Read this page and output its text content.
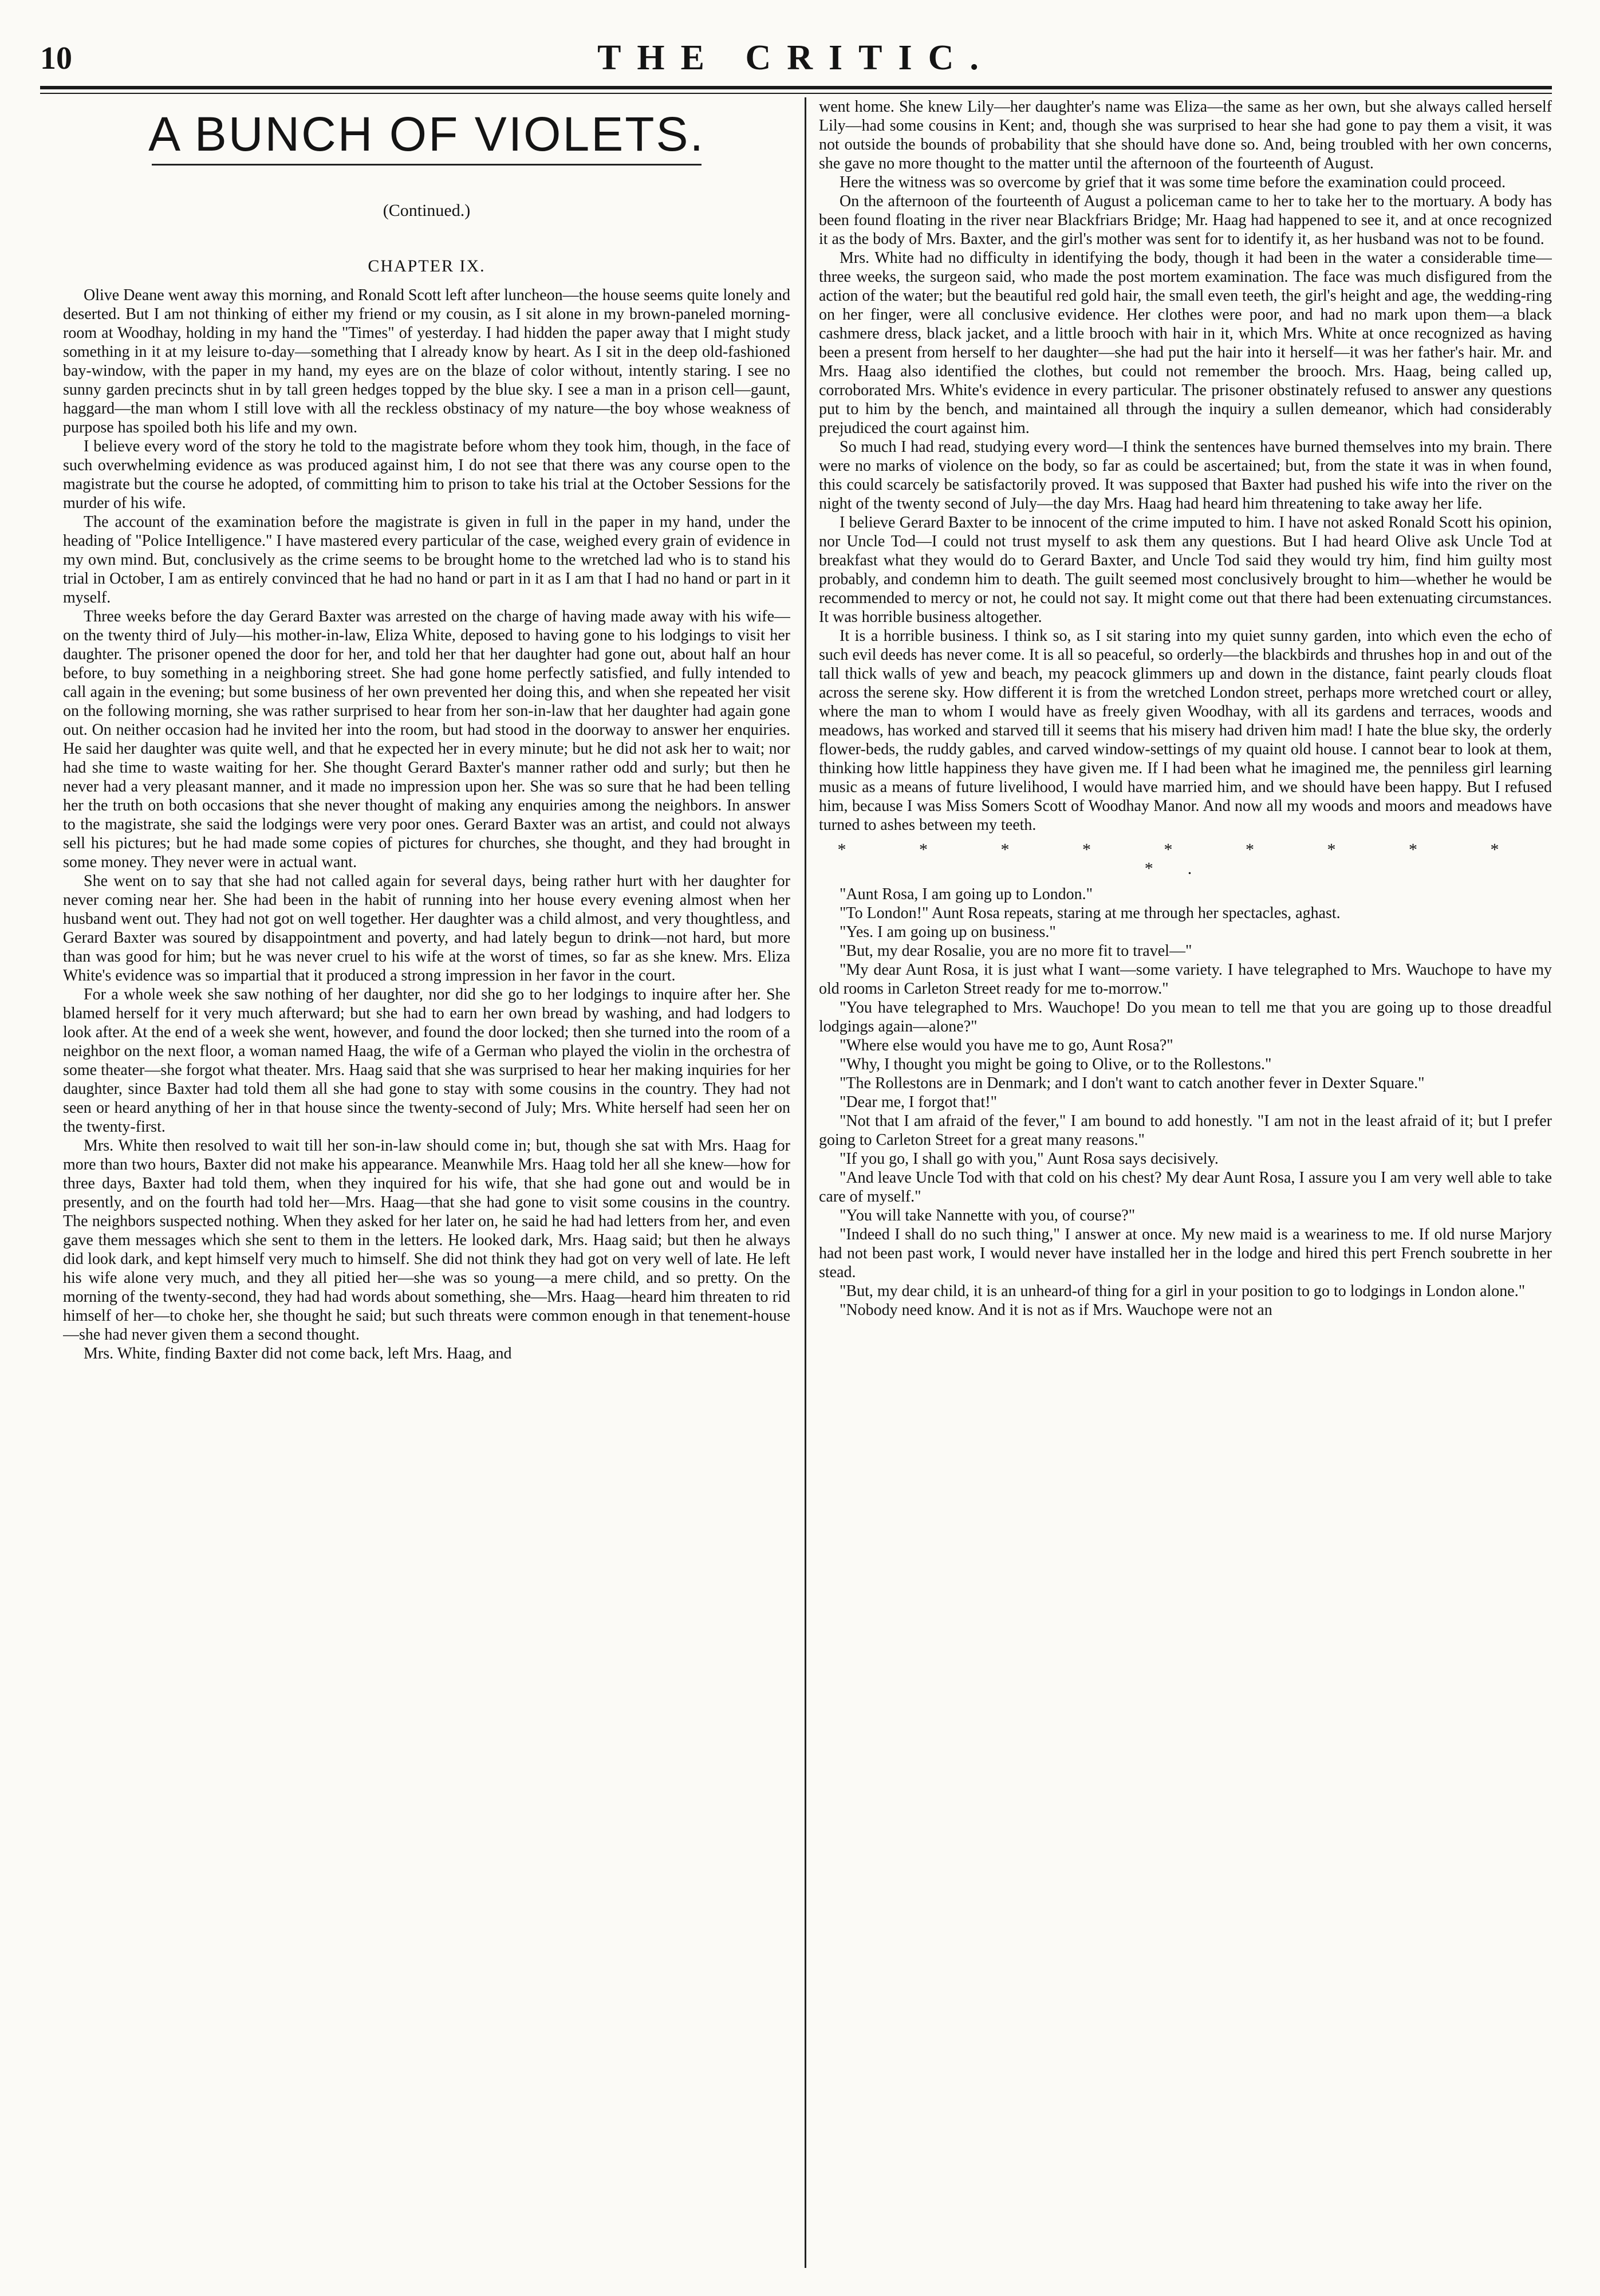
10	THE CRITIC.
A BUNCH OF VIOLETS.
(Continued.)
CHAPTER IX.

Olive Deane went away this morning, and Ronald Scott left after luncheon—the house seems quite lonely and deserted. But I am not thinking of either my friend or my cousin, as I sit alone in my brown-paneled morning-room at Woodhay, holding in my hand the "Times" of yesterday. I had hidden the paper away that I might study something in it at my leisure to-day—something that I already know by heart. As I sit in the deep old-fashioned bay-window, with the paper in my hand, my eyes are on the blaze of color without, intently staring. I see no sunny garden precincts shut in by tall green hedges topped by the blue sky. I see a man in a prison cell—gaunt, haggard—the man whom I still love with all the reckless obstinacy of my nature—the boy whose weakness of purpose has spoiled both his life and my own.

I believe every word of the story he told to the magistrate before whom they took him, though, in the face of such overwhelming evidence as was produced against him, I do not see that there was any course open to the magistrate but the course he adopted, of committing him to prison to take his trial at the October Sessions for the murder of his wife.

The account of the examination before the magistrate is given in full in the paper in my hand, under the heading of "Police Intelligence." I have mastered every particular of the case, weighed every grain of evidence in my own mind. But, conclusively as the crime seems to be brought home to the wretched lad who is to stand his trial in October, I am as entirely convinced that he had no hand or part in it as I am that I had no hand or part in it myself.

Three weeks before the day Gerard Baxter was arrested on the charge of having made away with his wife—on the twenty third of July—his mother-in-law, Eliza White, deposed to having gone to his lodgings to visit her daughter. The prisoner opened the door for her, and told her that her daughter had gone out, about half an hour before, to buy something in a neighboring street. She had gone home perfectly satisfied, and fully intended to call again in the evening; but some business of her own prevented her doing this, and when she repeated her visit on the following morning, she was rather surprised to hear from her son-in-law that her daughter had again gone out. On neither occasion had he invited her into the room, but had stood in the doorway to answer her enquiries. He said her daughter was quite well, and that he expected her in every minute; but he did not ask her to wait; nor had she time to waste waiting for her. She thought Gerard Baxter's manner rather odd and surly; but then he never had a very pleasant manner, and it made no impression upon her. She was so sure that he had been telling her the truth on both occasions that she never thought of making any enquiries among the neighbors. In answer to the magistrate, she said the lodgings were very poor ones. Gerard Baxter was an artist, and could not always sell his pictures; but he had made some copies of pictures for churches, she thought, and they had brought in some money. They never were in actual want.

She went on to say that she had not called again for several days, being rather hurt with her daughter for never coming near her. She had been in the habit of running into her house every evening almost when her husband went out. They had not got on well together. Her daughter was a child almost, and very thoughtless, and Gerard Baxter was soured by disappointment and poverty, and had lately begun to drink—not hard, but more than was good for him; but he was never cruel to his wife at the worst of times, so far as she knew. Mrs. Eliza White's evidence was so impartial that it produced a strong impression in her favor in the court.

For a whole week she saw nothing of her daughter, nor did she go to her lodgings to inquire after her. She blamed herself for it very much afterward; but she had to earn her own bread by washing, and had lodgers to look after. At the end of a week she went, however, and found the door locked; then she turned into the room of a neighbor on the next floor, a woman named Haag, the wife of a German who played the violin in the orchestra of some theater—she forgot what theater. Mrs. Haag said that she was surprised to hear her making inquiries for her daughter, since Baxter had told them all she had gone to stay with some cousins in the country. They had not seen or heard anything of her in that house since the twenty-second of July; Mrs. White herself had seen her on the twenty-first.

Mrs. White then resolved to wait till her son-in-law should come in; but, though she sat with Mrs. Haag for more than two hours, Baxter did not make his appearance. Meanwhile Mrs. Haag told her all she knew—how for three days, Baxter had told them, when they inquired for his wife, that she had gone out and would be in presently, and on the fourth had told her—Mrs. Haag—that she had gone to visit some cousins in the country. The neighbors suspected nothing. When they asked for her later on, he said he had had letters from her, and even gave them messages which she sent to them in the letters. He looked dark, Mrs. Haag said; but then he always did look dark, and kept himself very much to himself. She did not think they had got on very well of late. He left his wife alone very much, and they all pitied her—she was so young—a mere child, and so pretty. On the morning of the twenty-second, they had had words about something, she—Mrs. Haag—heard him threaten to rid himself of her—to choke her, she thought he said; but such threats were common enough in that tenement-house—she had never given them a second thought.

Mrs. White, finding Baxter did not come back, left Mrs. Haag, and

went home. She knew Lily—her daughter's name was Eliza—the same as her own, but she always called herself Lily—had some cousins in Kent; and, though she was surprised to hear she had gone to pay them a visit, it was not outside the bounds of probability that she should have done so. And, being troubled with her own concerns, she gave no more thought to the matter until the afternoon of the fourteenth of August.

Here the witness was so overcome by grief that it was some time before the examination could proceed.

On the afternoon of the fourteenth of August a policeman came to her to take her to the mortuary. A body has been found floating in the river near Blackfriars Bridge; Mr. Haag had happened to see it, and at once recognized it as the body of Mrs. Baxter, and the girl's mother was sent for to identify it, as her husband was not to be found.

Mrs. White had no difficulty in identifying the body, though it had been in the water a considerable time—three weeks, the surgeon said, who made the post mortem examination. The face was much disfigured from the action of the water; but the beautiful red gold hair, the small even teeth, the girl's height and age, the wedding-ring on her finger, were all conclusive evidence. Her clothes were poor, and had no mark upon them—a black cashmere dress, black jacket, and a little brooch with hair in it, which Mrs. White at once recognized as having been a present from herself to her daughter—she had put the hair into it herself—it was her father's hair. Mr. and Mrs. Haag also identified the clothes, but could not remember the brooch. Mrs. Haag, being called up, corroborated Mrs. White's evidence in every particular. The prisoner obstinately refused to answer any questions put to him by the bench, and maintained all through the inquiry a sullen demeanor, which had considerably prejudiced the court against him.

So much I had read, studying every word—I think the sentences have burned themselves into my brain. There were no marks of violence on the body, so far as could be ascertained; but, from the state it was in when found, this could scarcely be satisfactorily proved. It was supposed that Baxter had pushed his wife into the river on the night of the twenty second of July—the day Mrs. Haag had heard him threatening to take away her life.

I believe Gerard Baxter to be innocent of the crime imputed to him. I have not asked Ronald Scott his opinion, nor Uncle Tod—I could not trust myself to ask them any questions. But I had heard Olive ask Uncle Tod at breakfast what they would do to Gerard Baxter, and Uncle Tod said they would try him, find him guilty most probably, and condemn him to death. The guilt seemed most conclusively brought to him—whether he would be recommended to mercy or not, he could not say. It might come out that there had been extenuating circumstances. It was horrible business altogether.

It is a horrible business. I think so, as I sit staring into my quiet sunny garden, into which even the echo of such evil deeds has never come. It is all so peaceful, so orderly—the blackbirds and thrushes hop in and out of the tall thick walls of yew and beach, my peacock glimmers up and down in the distance, faint pearly clouds float across the serene sky. How different it is from the wretched London street, perhaps more wretched court or alley, where the man to whom I would have as freely given Woodhay, with all its gardens and terraces, woods and meadows, has worked and starved till it seems that his misery had driven him mad! I hate the blue sky, the orderly flower-beds, the ruddy gables, and carved window-settings of my quaint old house. I cannot bear to look at them, thinking how little happiness they have given me. If I had been what he imagined me, the penniless girl learning music as a means of future livelihood, I would have married him, and we should have been happy. But I refused him, because I was Miss Somers Scott of Woodhay Manor. And now all my woods and moors and meadows have turned to ashes between my teeth.

* * * * * * * * * *.

"Aunt Rosa, I am going up to London."

"To London!" Aunt Rosa repeats, staring at me through her spectacles, aghast.

"Yes. I am going up on business."

"But, my dear Rosalie, you are no more fit to travel—"

"My dear Aunt Rosa, it is just what I want—some variety. I have telegraphed to Mrs. Wauchope to have my old rooms in Carleton Street ready for me to-morrow."

"You have telegraphed to Mrs. Wauchope! Do you mean to tell me that you are going up to those dreadful lodgings again—alone?"

"Where else would you have me to go, Aunt Rosa?"

"Why, I thought you might be going to Olive, or to the Rollestons."

"The Rollestons are in Denmark; and I don't want to catch another fever in Dexter Square."

"Dear me, I forgot that!"

"Not that I am afraid of the fever," I am bound to add honestly. "I am not in the least afraid of it; but I prefer going to Carleton Street for a great many reasons."

"If you go, I shall go with you," Aunt Rosa says decisively.

"And leave Uncle Tod with that cold on his chest? My dear Aunt Rosa, I assure you I am very well able to take care of myself."

"You will take Nannette with you, of course?"

"Indeed I shall do no such thing," I answer at once. My new maid is a weariness to me. If old nurse Marjory had not been past work, I would never have installed her in the lodge and hired this pert French soubrette in her stead.

"But, my dear child, it is an unheard-of thing for a girl in your position to go to lodgings in London alone."

"Nobody need know. And it is not as if Mrs. Wauchope were not an
